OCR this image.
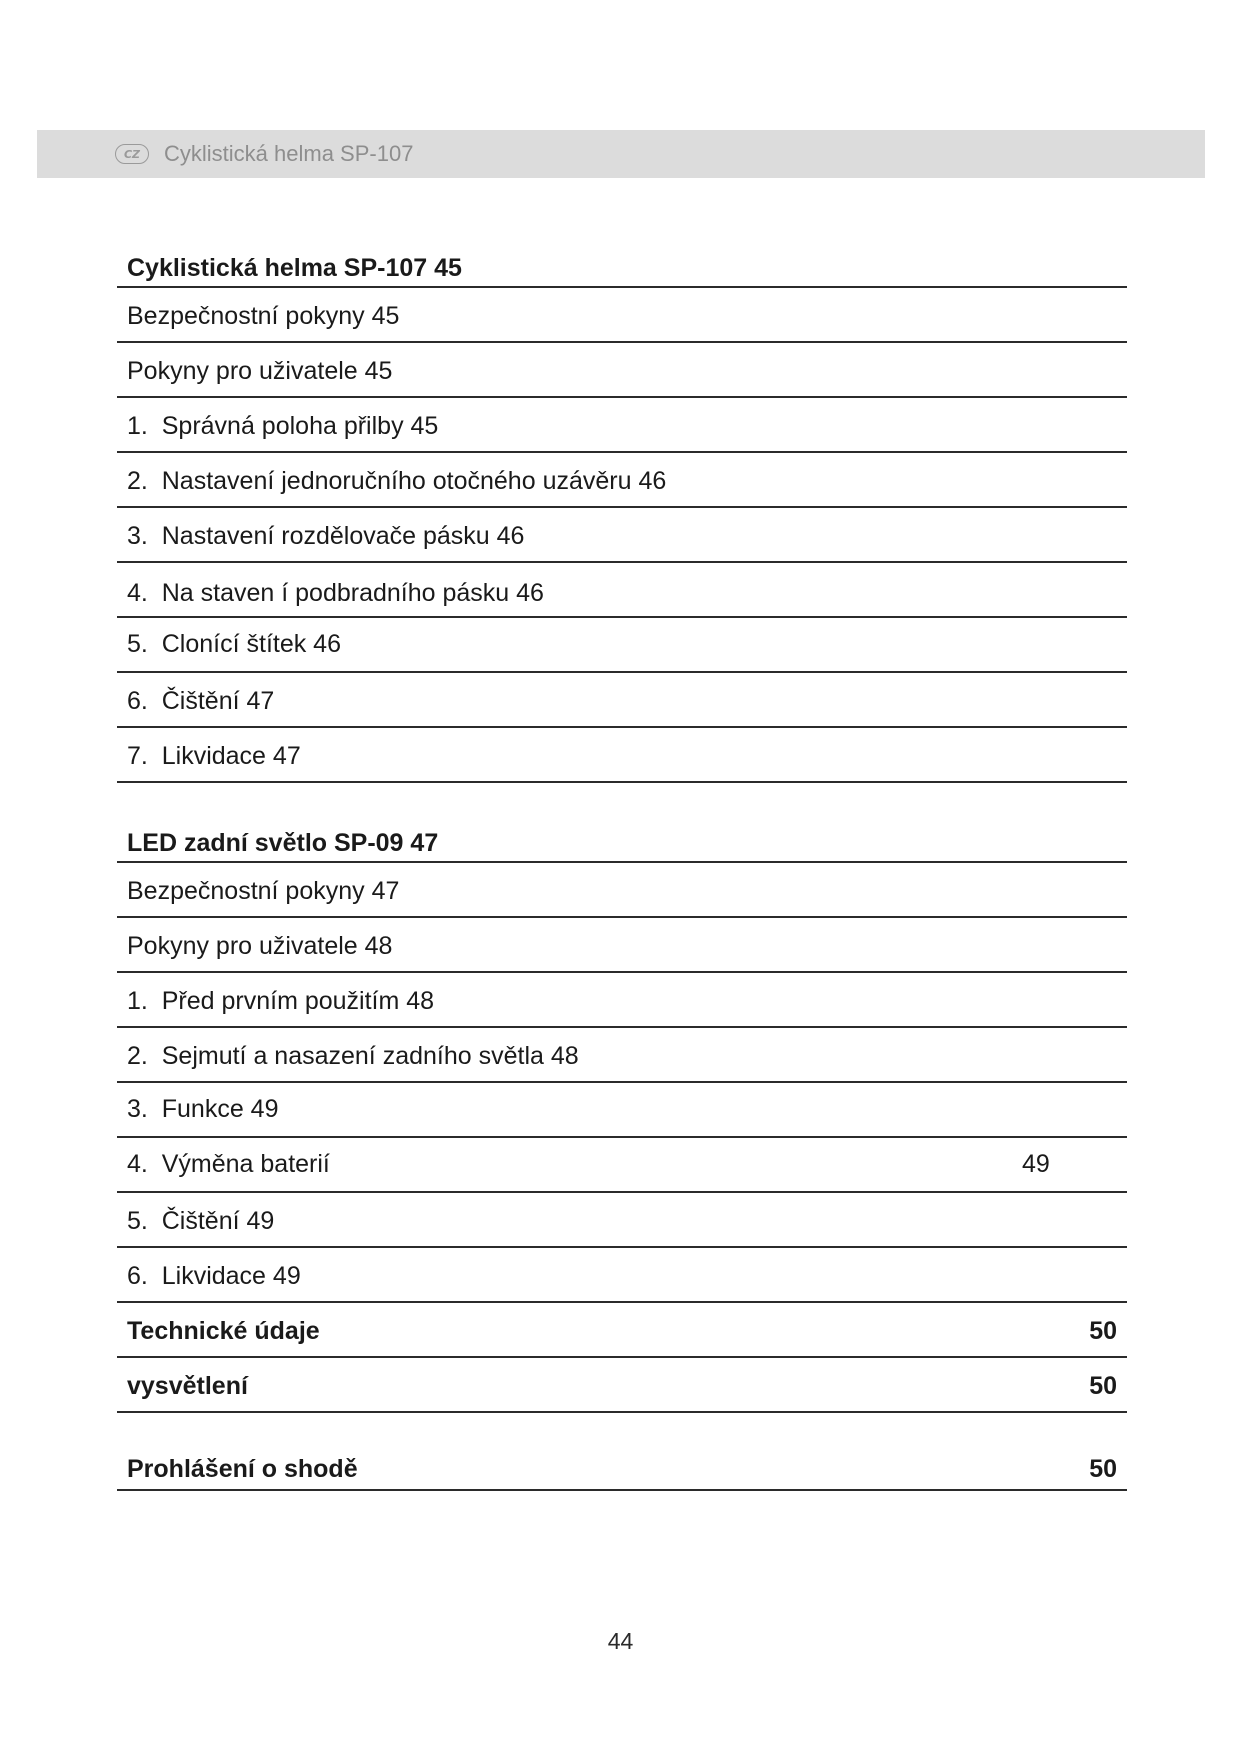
CZ	Cyklistická helma SP-107
Cyklistická helma SP-107 45
Bezpečnostní pokyny 45
Pokyny pro uživatele 45
1.  Správná poloha přilby 45
2.  Nastavení jednoručního otočného uzávěru 46
3.  Nastavení rozdělovače pásku 46
4.  Na staven í podbradního pásku 46
5.  Clonící štítek 46
6.  Čištění 47
7.  Likvidace 47
LED zadní světlo SP-09 47
Bezpečnostní pokyny 47
Pokyny pro uživatele 48
1.  Před prvním použitím 48
2.  Sejmutí a nasazení zadního světla 48
3.  Funkce 49
4.  Výměna baterií	49
5.  Čištění 49
6.  Likvidace 49
Technické údaje	50
vysvětlení	50
Prohlášení o shodě	50
44
